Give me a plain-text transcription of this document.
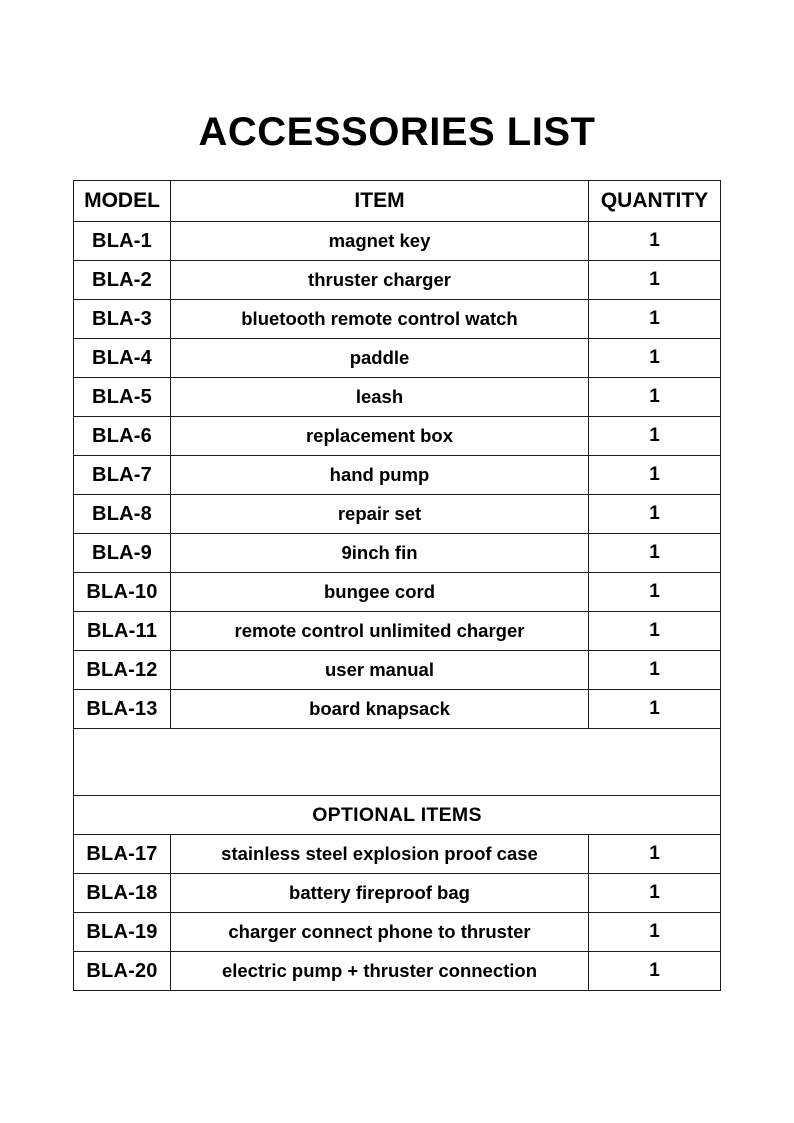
ACCESSORIES LIST
MODEL	ITEM	QUANTITY
BLA-1	magnet key	1
BLA-2	thruster charger	1
BLA-3	bluetooth remote control watch	1
BLA-4	paddle	1
BLA-5	leash	1
BLA-6	replacement box	1
BLA-7	hand pump	1
BLA-8	repair set	1
BLA-9	9inch fin	1
BLA-10	bungee cord	1
BLA-11	remote control unlimited charger	1
BLA-12	user manual	1
BLA-13	board knapsack	1

OPTIONAL ITEMS		
BLA-17	stainless steel explosion proof case	1
BLA-18	battery fireproof bag	1
BLA-19	charger connect phone to thruster	1
BLA-20	electric pump + thruster connection	1
